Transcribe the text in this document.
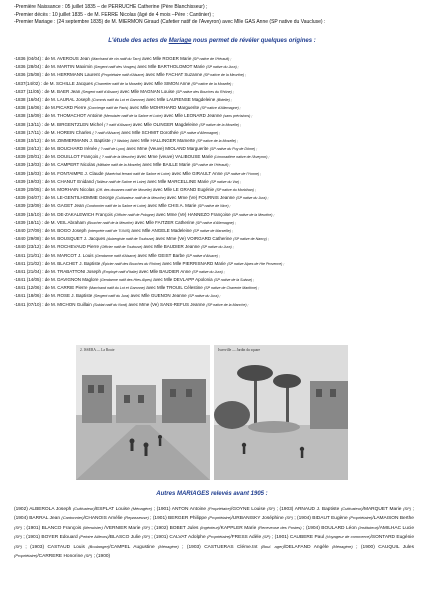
-Première Naissance : 05 juillet 1835 – de PERRUCHE Catherine (Père Blanchisseur) ;
-Premier décès : 10 juillet 1835 - de M. FERRE Nicolas (âgé de 4 mois –Père : Cantinier) ;
-Premier Mariage : (24 septembre 1835) de M. MIERMON Giraud (Cafetier natif de l'Aveyron) avec Mlle GAS Anne (SP native du Vaucluse) :
L'étude des actes de Mariage nous permet de révéler quelques origines :
-1836 (04/04) : de M. AVEROUS Jean (Marchand de vin natif du Tarn) avec Mlle ROGER Marie (SP native de l'Hérault) ;
-1836 (28/04) : de M. MARTIN Maximin (Sergent natif des Vosges) avec Mlle BARTHOLOMOT Marie (SP native du Jura) ;
-1836 (25/08) : de M. HERRMANN Laurent (Propriétaire natif d'Alsace) avec Mlle FACHAT Suzanne (SP native de la Meurthe) ;
-1837(14/02) : de M. SCHILLE Jacques (Charretier natif de la Moselle) avec Mlle SIMON Anne (SP native de la Moselle) ;
-1837 (11/05) : de M. BAER Jean (Sergent natif d'Alsace) avec Mlle MAGNAN Louise (SP native des Bouches du Rhône) ;
-1838 (16/04) : de M. LAURAL Joseph (Commis natif du Lot et Garonne) avec Mlle LAURENSE Magdeleine (Bidelle) ;
-1838 (16/06) : de M.PICARD Pierre (Concierge natif de Paris) avec Mlle MOHRHARD Marguerite (SP native d'Allemagne) ;
-1838 (15/09) : de M. THOMACHOT Antoine (Menuisier natif de la Saône et Loire) avec Mlle LEONARD Jeanne (sans précisions) ;
-1838 (13/11) : de M. BIRGENTZLEN Michel ( ? natif d'Alsace) avec Mlle OLINGER Magdeleine (SP native de la Moselle) ;
-1838 (17/11) : de M. HOREIN Charles ( ? natif d'Alsace) avec Mlle SCHMIT Dorothée (SP native d'Allemagne) ;
-1838 (10/12) : de M. ZIMMERMANN J. Baptiste ( ? Illisible) avec Mlle HALLINGER Mamerte (SP native de la Moselle) ;
-1838 (24/12) : de M. BOUCHARD Irénée ( ? natif de Lyon) avec Mme (Veuve) MIOLAND Marguerite (SP native du Puy de Dôme) ;
-1839 (20/01) : de M. DOUILLOT François ( ? natif de la Meurthe) avec Mme (veuve) VALIBOUSE Marie (Limonadière native de l'Aveyron) ;
-1839 (13/03) : de M. CAMPERT Nicolas (Militaire natif de la Moselle) avec Mlle BAILLE Marie (SP native de l'Hérault) ;
-1839 (15/03) : de M. FONTAIMPE J. Claude (Maréchal ferrant natif de Saône et Loire) avec Mlle GIRAULT Anne (SP native de l'Yonne) ;
-1839 (19/03) : de M. CHANUT Enidand (Tailleur natif de Saône et Loire) avec Mlle MARCELLINE Marie (SP native du Var) ;
-1839 (20/05) : de M. MORHAIN Nicolas (Off. des douanes natif de Moselle) avec Mlle LE GRAND Eugénie (SP native du Morbihan) ;
-1839 (04/07) : de M. LE-GENTILHOMME George (Cultivateur natif de la Meurthe) avec Mme (Ve) FOURNIS Jeanne (SP native du Jura) ;
-1839 (23/09) : de M. GAGET Jean (Cordonnier natif de la Saône et Loire) avec Mlle CHIS A. Marie (SP native de Nice) ;
-1839 (15/10) : de M. DE-ZAKALEWICH François (Officier natif de Pologne) avec Mme (Ve) HANNEZO Françoise (SP native de la Meurthe) ;
-1839 (18/11) : de M. VEIL Abraham (Boucher natif de la Meurthe) avec Mlle FAITZER Catherine (SP native d'Allemagne) ;
-1840 (27/09) : de M. BOGO Joseph (Interprète natif de TUNIS) avec Mlle ANGELE Madeleine (SP native de Marseille) ;
-1840 (29/08) : de M. BOUSQUET J. Jacques (Aubergiste natif de Toulouse) avec Mme (Ve) VOIRGARD Catherine (SP native de Nancy) ;
-1840 (23/12) : de M. ROCHEVAUD Pierre (Officier natif de Toulouse) avec Mlle BAUDIER Jeanne (SP native du Jura) ;
-1841 (21/01) : de M. MARCOT J. Louis (Gendarme natif d'Alsace) avec Mlle GEIST Barbe (SP native d'Alsace) ;
-1841 (21/02) : de M. BLACHET J. Baptiste (Épicier natif des Bouches du Rhône) avec Mlle PIERRISNARD Marie (SP native Alpes de Hte Provence) ;
-1841 (21/04) : de M. TRABATTONI Joseph (Employé natif d'Italie) avec Mlle BAUDIER Anne (SP native du Jura) ;
-1841 (14/05) : de M. DAVIGNON Maglore (Gendarme natif des Htes Alpes) avec Mlle DEVLAPP Apolonia (SP native de la Suisse) ;
-1841 (12/06) : de M. CARRIE Pierre (Marchand natif du Lot et Garonne) avec Mlle TROUIL Célestine (SP native de Charente Maritime) ;
-1841 (18/06) : de M. ROSE J. Baptiste (Sergent natif du Jura) avec Mlle GUENON Jeanne (SP native du Jura) ;
-1841 (07/10) : de M. MICHON Guillain (Soldat natif du Nord) avec Mme (Ve) SANS-REFUS Jeanne (SP native de la Manche) ;
2. ISSERA — La Route	Isserville — Jardin du square
Autres MARIAGES relevés avant 1905 :
(1902) ALBEROLA Joseph (Cultivateur)/ESPLAT Louise (Ménagère) ; (1901) ANTON Antoine (Propriétaire)/GOYNE Louise (SP) ; (1903) ARNAUD J. Baptiste (Cultivateur)/MARQUET Marie (SP) ; (1904) BARRAL Jean (Cantonnier)/CHANOIS Amélie (Repasseuse) ; (1901) BERGER Philippe (Propriétaire)/URBANISKY Joséphine (SP) ; (1904) BIDAUT Eugène (Propriétaire)/LAMAISON Berthe (SP) ; (1901) BLANCO François (Menuisier) /VERNIER Marie (SP) ; (1902) BOBET Jules (Ingénieur)/KAPPLER Marie (Receveuse des Postes) ; (1904) BOULARD Léon (Instituteur)/AMILHAC Lucie (SP) ; (1901) BOYER Edouard (Peintre Ailleurs)/BLASCO Julie (SP) ; (1901) CALVAT Adolphe (Propriétaire)/FRESS Adèle (SP) ; (1901) CAUBERE Paul (Voyageur de commerce)/SONTARD Eugénie (SP) ; (1903) CASTAUD Louis (Boulanger)/CAMPEL Augustine (Ménagère) ; (1903) CASTUERAS Cléme.tnt (Boul. ager)/DELAFAND Angèle (Ménagère) ; (1900) CAUQUIL Jules (Propriétaire)/CARRERE Honorine (SP) ; (1900)
